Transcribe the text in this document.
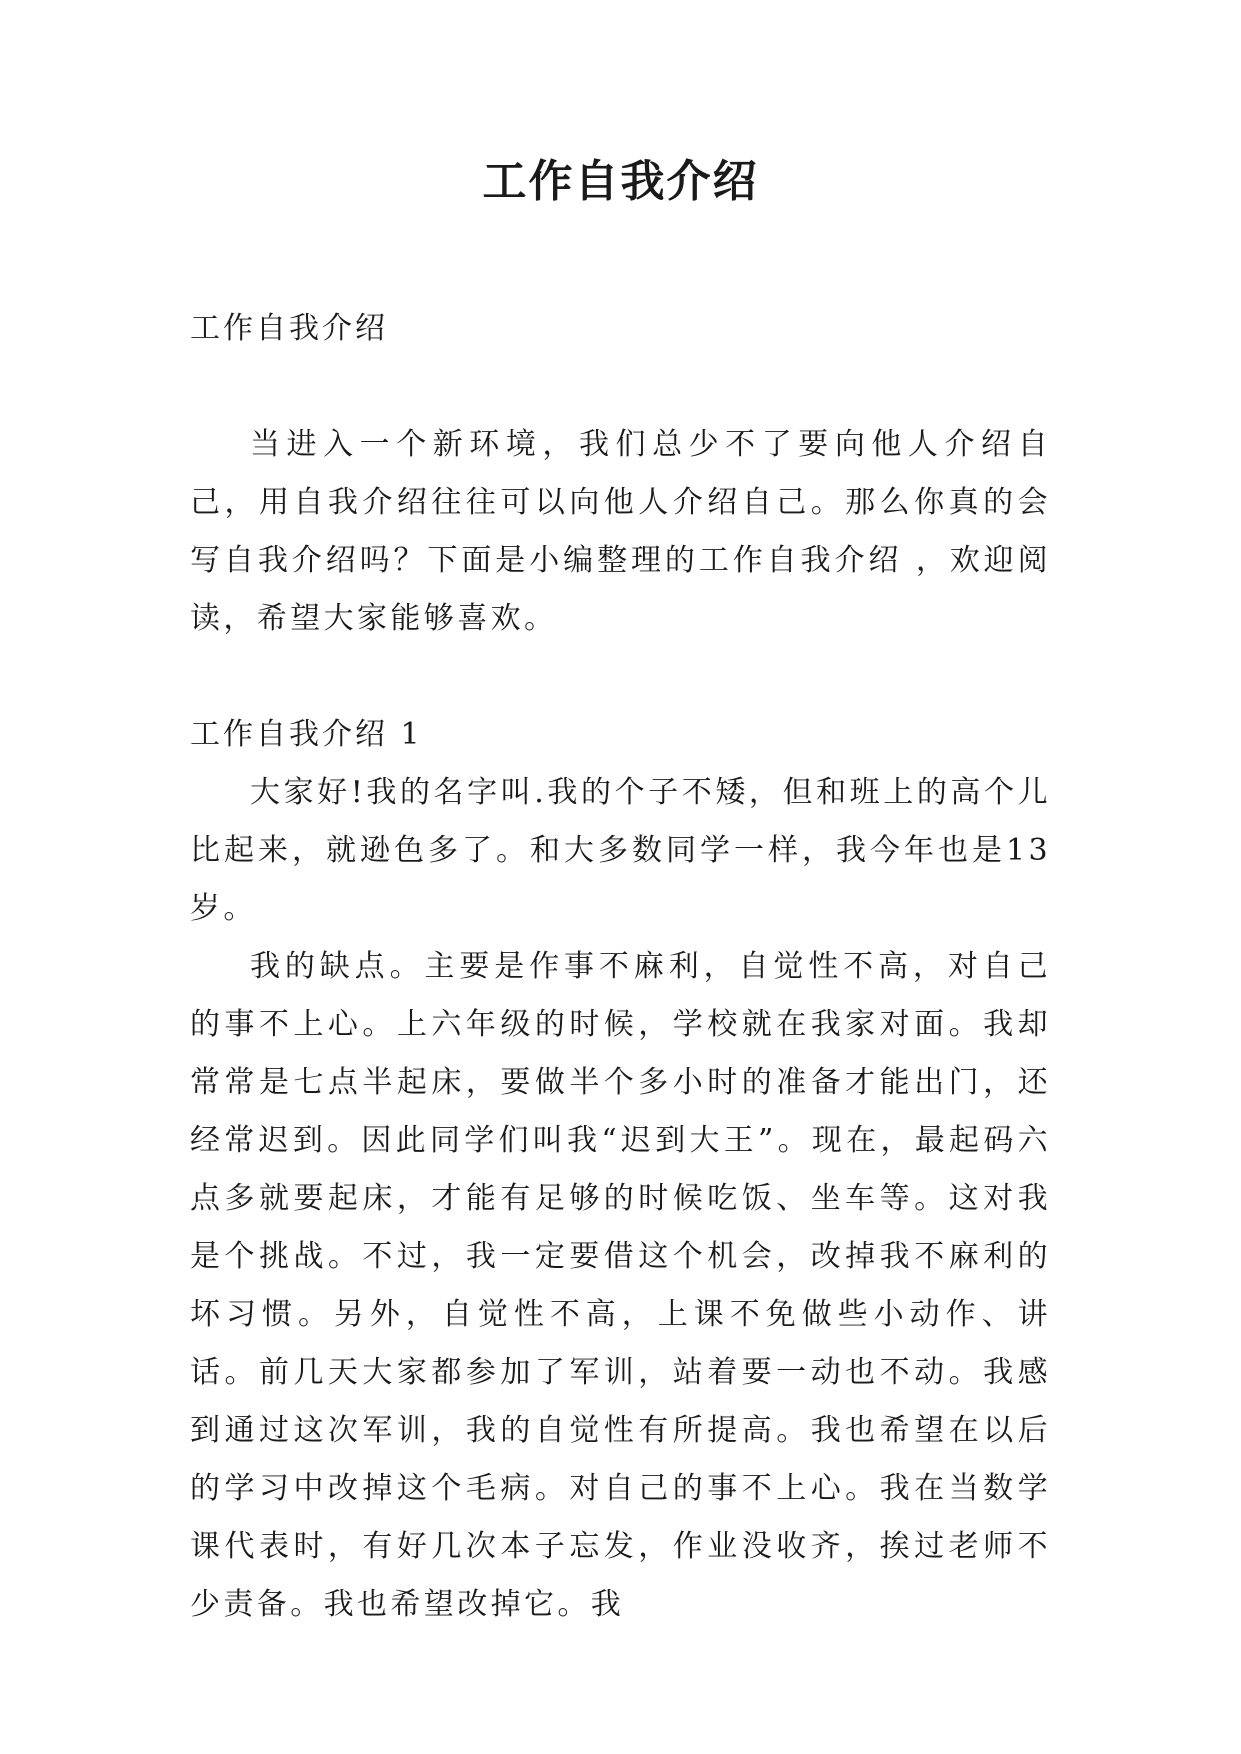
工作自我介绍

工作自我介绍

当进入一个新环境，我们总少不了要向他人介绍自己，用自我介绍往往可以向他人介绍自己。那么你真的会写自我介绍吗？下面是小编整理的工作自我介绍 ，欢迎阅读，希望大家能够喜欢。

工作自我介绍 1

大家好!我的名字叫.我的个子不矮，但和班上的高个儿比起来，就逊色多了。和大多数同学一样，我今年也是13岁。

我的缺点。主要是作事不麻利，自觉性不高，对自己的事不上心。上六年级的时候，学校就在我家对面。我却常常是七点半起床，要做半个多小时的准备才能出门，还经常迟到。因此同学们叫我“迟到大王”。现在，最起码六点多就要起床，才能有足够的时候吃饭、坐车等。这对我是个挑战。不过，我一定要借这个机会，改掉我不麻利的坏习惯。另外，自觉性不高，上课不免做些小动作、讲话。前几天大家都参加了军训，站着要一动也不动。我感到通过这次军训，我的自觉性有所提高。我也希望在以后的学习中改掉这个毛病。对自己的事不上心。我在当数学课代表时，有好几次本子忘发，作业没收齐，挨过老师不少责备。我也希望改掉它。我
